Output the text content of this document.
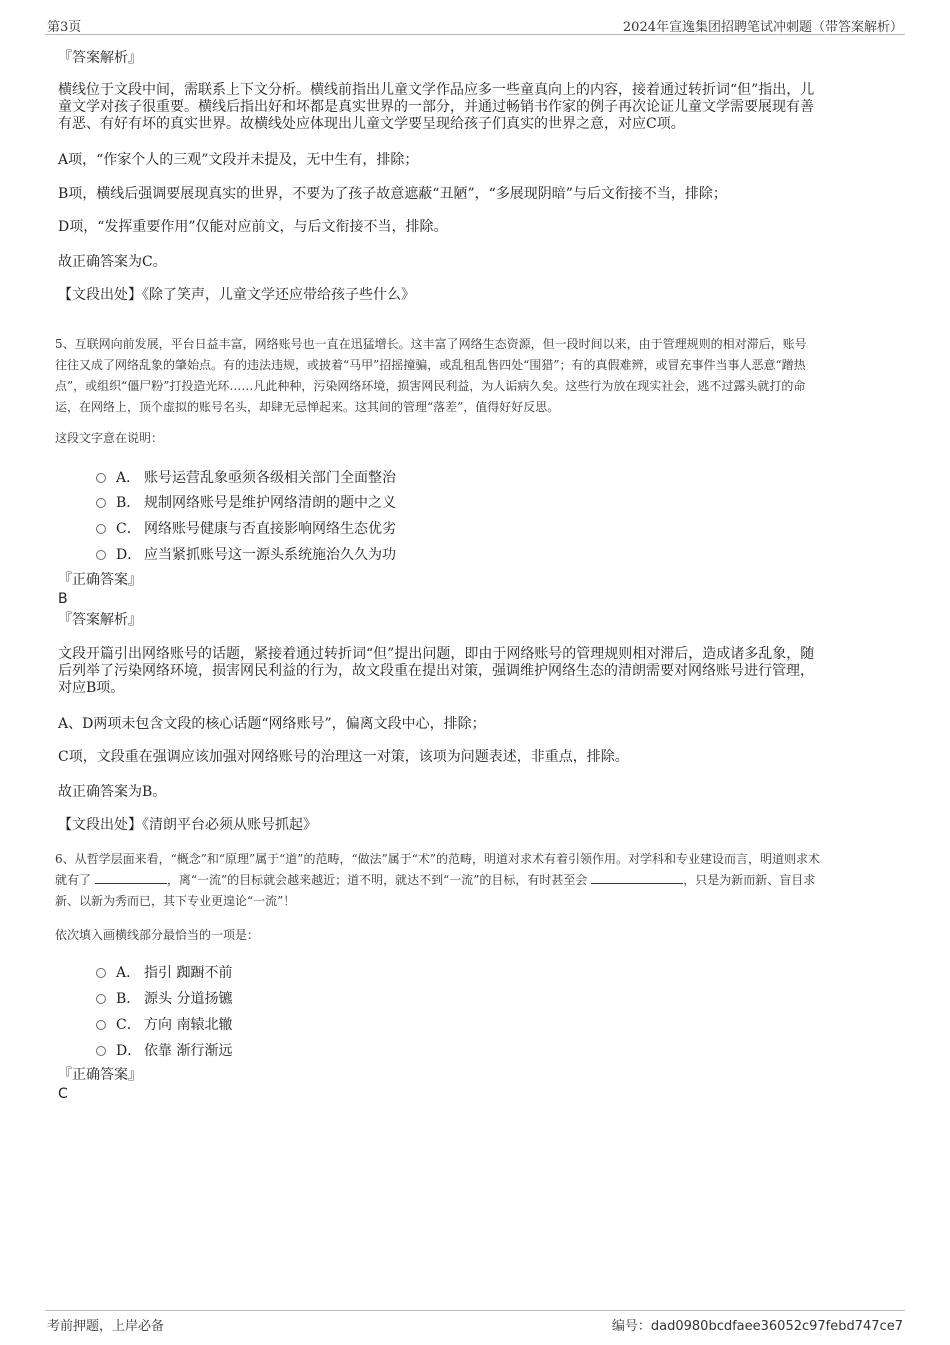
第3页	2024年宣逸集团招聘笔试冲刺题（带答案解析）
『答案解析』
横线位于文段中间，需联系上下文分析。横线前指出儿童文学作品应多一些童真向上的内容，接着通过转折词“但”指出，儿
童文学对孩子很重要。横线后指出好和坏都是真实世界的一部分，并通过畅销书作家的例子再次论证儿童文学需要展现有善
有恶、有好有坏的真实世界。故横线处应体现出儿童文学要呈现给孩子们真实的世界之意，对应C项。
A项，“作家个人的三观”文段并未提及，无中生有，排除；
B项，横线后强调要展现真实的世界，不要为了孩子故意遮蔽“丑陋”，“多展现阴暗”与后文衔接不当，排除；
D项，“发挥重要作用”仅能对应前文，与后文衔接不当，排除。
故正确答案为C。
【文段出处】《除了笑声，儿童文学还应带给孩子些什么》
5、互联网向前发展，平台日益丰富，网络账号也一直在迅猛增长。这丰富了网络生态资源，但一段时间以来，由于管理规则的相对滞后，账号
往往又成了网络乱象的肇始点。有的违法违规，或披着“马甲”招摇撞骗，或乱租乱售四处“围猎”；有的真假难辨，或冒充事件当事人恶意“蹭热
点”，或组织“僵尸粉”打投造光环……凡此种种，污染网络环境，损害网民利益，为人诟病久矣。这些行为放在现实社会，逃不过露头就打的命
运，在网络上，顶个虚拟的账号名头，却肆无忌惮起来。这其间的管理“落差”，值得好好反思。
这段文字意在说明：
A． 账号运营乱象亟须各级相关部门全面整治
B． 规制网络账号是维护网络清朗的题中之义
C． 网络账号健康与否直接影响网络生态优劣
D． 应当紧抓账号这一源头系统施治久久为功
『正确答案』
B
『答案解析』
文段开篇引出网络账号的话题，紧接着通过转折词“但”提出问题，即由于网络账号的管理规则相对滞后，造成诸多乱象，随
后列举了污染网络环境，损害网民利益的行为，故文段重在提出对策，强调维护网络生态的清朗需要对网络账号进行管理，
对应B项。
A、D两项未包含文段的核心话题“网络账号”，偏离文段中心，排除；
C项，文段重在强调应该加强对网络账号的治理这一对策，该项为问题表述，非重点，排除。
故正确答案为B。
【文段出处】《清朗平台必须从账号抓起》
6、从哲学层面来看，“概念”和“原理”属于“道”的范畴，“做法”属于“术”的范畴，明道对求术有着引领作用。对学科和专业建设而言，明道则求术
就有了	，离“一流”的目标就会越来越近；道不明，就达不到“一流”的目标，有时甚至会	，只是为新而新、盲目求
新、以新为秀而已，其下专业更遑论“一流”！
依次填入画横线部分最恰当的一项是：
A． 指引 踟蹰不前
B． 源头 分道扬镳
C． 方向 南辕北辙
D． 依靠 渐行渐远
『正确答案』
C
考前押题，上岸必备	编号：dad0980bcdfaee36052c97febd747ce7
